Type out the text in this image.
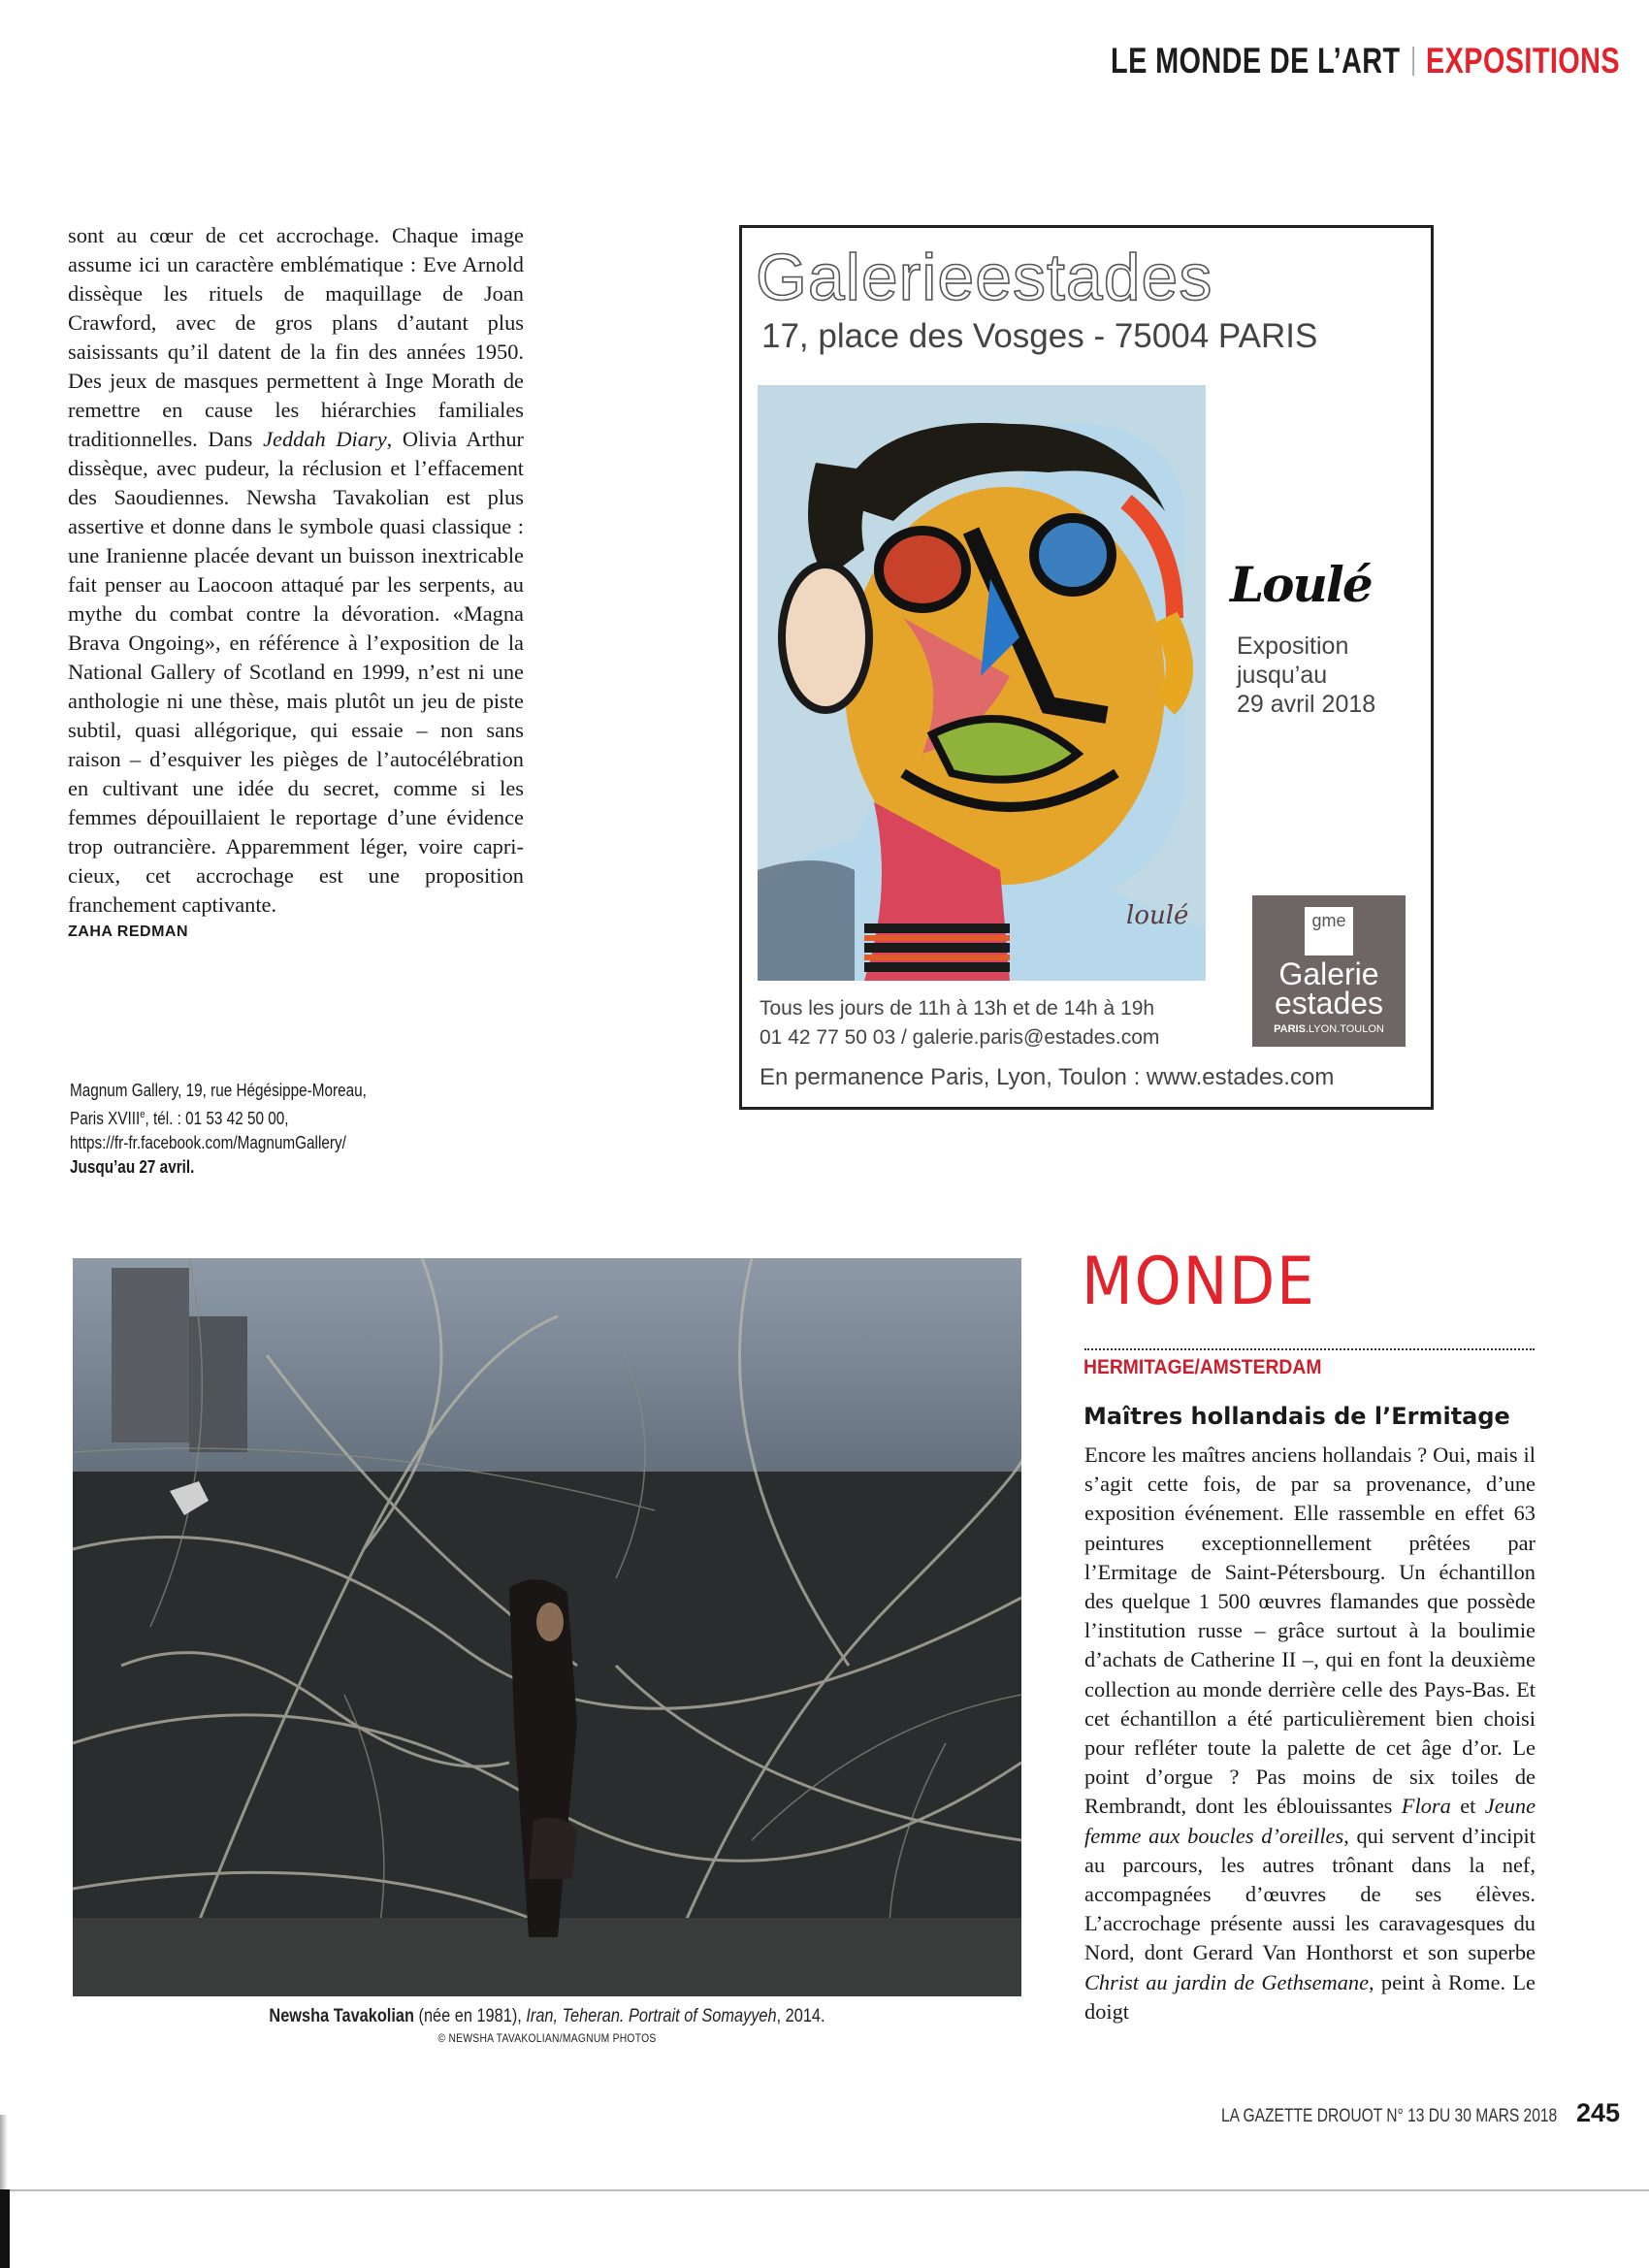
LE MONDE DE L’ART EXPOSITIONS

sont au cœur de cet accrochage. Chaque image assume ici un caractère emblématique : Eve Arnold dissèque les rituels de maquillage de Joan Crawford, avec de gros plans d’autant plus saisissants qu’il datent de la fin des années 1950. Des jeux de masques permettent à Inge Morath de remettre en cause les hiérarchies familiales traditionnelles. Dans Jeddah Diary, Olivia Arthur dissèque, avec pudeur, la réclusion et l’effacement des Saoudiennes. Newsha Tavakolian est plus assertive et donne dans le symbole quasi classique : une Iranienne placée devant un buisson inextricable fait penser au Laocoon attaqué par les serpents, au mythe du combat contre la dévoration. «Magna Brava Ongoing», en référence à l’exposition de la National Gallery of Scotland en 1999, n’est ni une anthologie ni une thèse, mais plutôt un jeu de piste subtil, quasi allégorique, qui essaie – non sans raison – d’esquiver les pièges de l’autocélébration en cultivant une idée du secret, comme si les femmes dépouillaient le reportage d’une évidence trop outrancière. Apparemment léger, voire capricieux, cet accrochage est une proposition franchement captivante.

ZAHA REDMAN
Magnum Gallery, 19, rue Hégésippe-Moreau,
Paris XVIIIe, tél. : 01 53 42 50 00,
https://fr-fr.facebook.com/MagnumGallery/
Jusqu’au 27 avril.
Galerieestades
17, place des Vosges - 75004 PARIS
loulé
Loulé
Exposition
jusqu’au
29 avril 2018
gme
Galerie
estades
PARIS.LYON.TOULON
Tous les jours de 11h à 13h et de 14h à 19h
01 42 77 50 03 / galerie.paris@estades.com
En permanence Paris, Lyon, Toulon : www.estades.com
Newsha Tavakolian (née en 1981), Iran, Teheran. Portrait of Somayyeh, 2014.
© NEWSHA TAVAKOLIAN/MAGNUM PHOTOS
MONDE
HERMITAGE/AMSTERDAM
Maîtres hollandais de l’Ermitage

Encore les maîtres anciens hollandais ? Oui, mais il s’agit cette fois, de par sa provenance, d’une exposition événement. Elle rassemble en effet 63 peintures exceptionnellement prêtées par l’Ermitage de Saint-Pétersbourg. Un échantillon des quelque 1 500 œuvres flamandes que possède l’institution russe – grâce surtout à la boulimie d’achats de Catherine II –, qui en font la deuxième collection au monde derrière celle des Pays-Bas. Et cet échantillon a été particulièrement bien choisi pour refléter toute la palette de cet âge d’or. Le point d’orgue ? Pas moins de six toiles de Rembrandt, dont les éblouissantes Flora et Jeune femme aux boucles d’oreilles, qui servent d’incipit au parcours, les autres trônant dans la nef, accompagnées d’œuvres de ses élèves. L’accrochage présente aussi les caravagesques du Nord, dont Gerard Van Honthorst et son superbe Christ au jardin de Gethsemane, peint à Rome. Le doigt

LA GAZETTE DROUOT N° 13 DU 30 MARS 2018 245
